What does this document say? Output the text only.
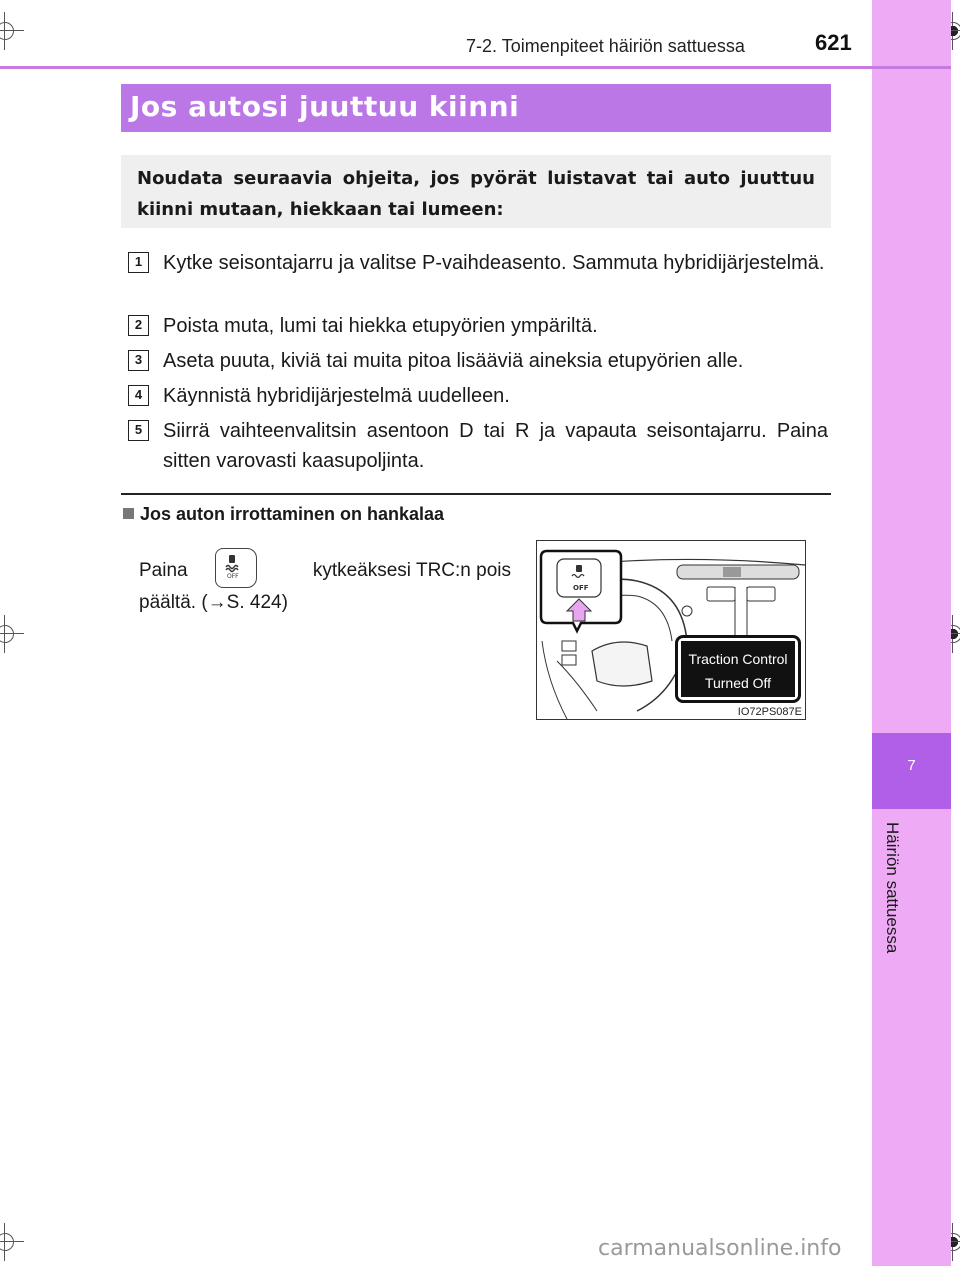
7
Häiriön sattuessa
7-2. Toimenpiteet häiriön sattuessa	621
Jos autosi juuttuu kiinni

Noudata seuraavia ohjeita, jos pyörät luistavat tai auto juuttuu kiinni mutaan, hiekkaan tai lumeen:

1	Kytke seisontajarru ja valitse P-vaihdeasento. Sammuta hybridijärjestelmä.
2	Poista muta, lumi tai hiekka etupyörien ympäriltä.
3	Aseta puuta, kiviä tai muita pitoa lisääviä aineksia etupyörien alle.
4	Käynnistä hybridijärjestelmä uudelleen.
5	Siirrä vaihteenvalitsin asentoon D tai R ja vapauta seisontajarru. Paina sitten varovasti kaasupoljinta.
Jos auton irrottaminen on hankalaa
Paina	OFF	kytkeäksesi TRC:n pois
päältä. (→S. 424)
OFF
Traction Control
Turned Off
IO72PS087E
carmanualsonline.info
